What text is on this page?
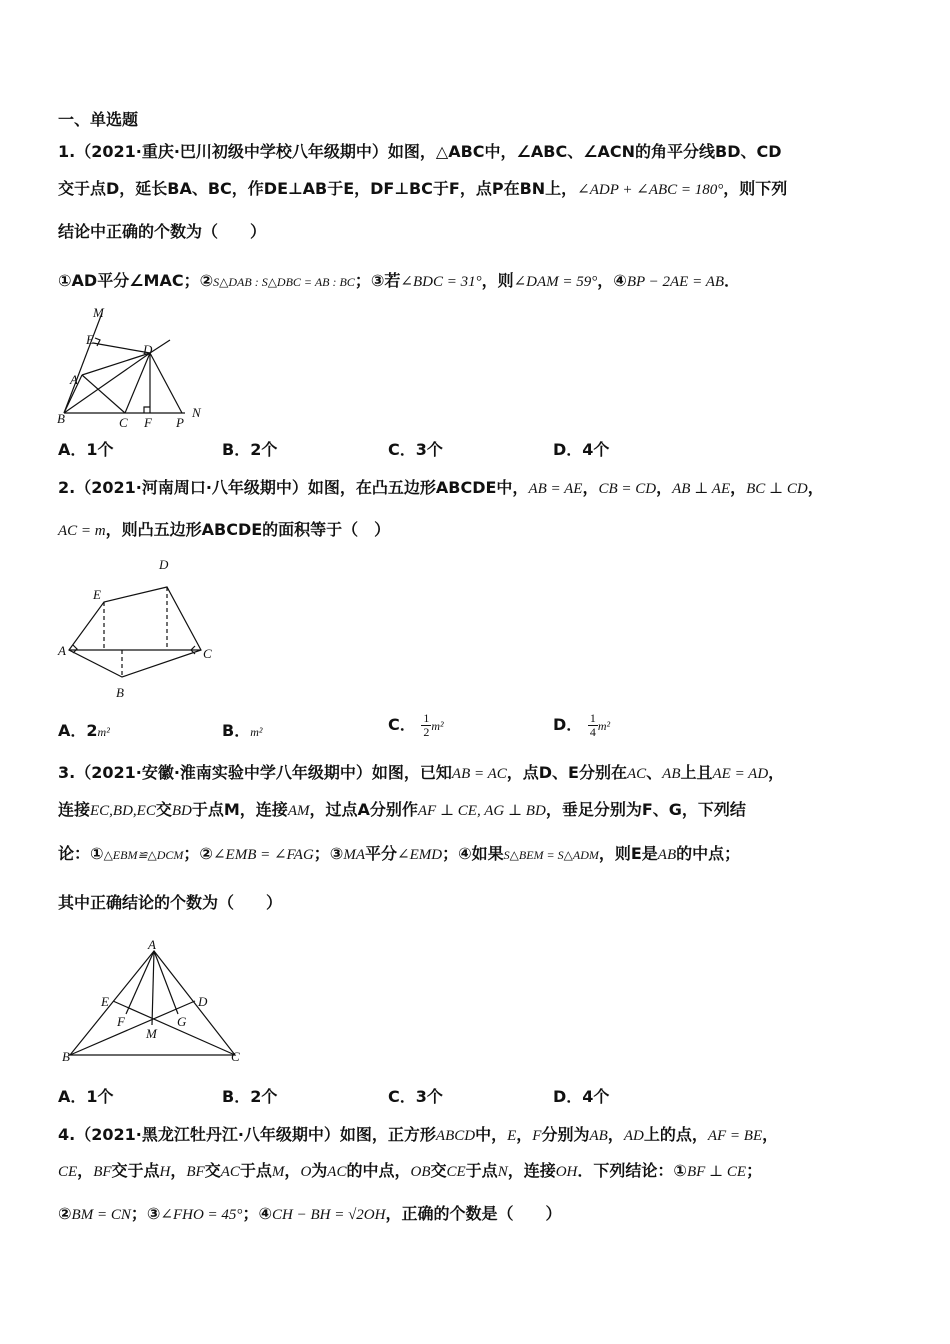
一、单选题
1.（2021·重庆·巴川初级中学校八年级期中）如图，△ABC中，∠ABC、∠ACN的角平分线BD、CD
交于点D，延长BA、BC，作DE⊥AB于E，DF⊥BC于F，点P在BN上，∠ADP + ∠ABC = 180°，则下列
结论中正确的个数为（　　）
①AD平分∠MAC；②S△DAB : S△DBC = AB : BC；③若∠BDC = 31°，则∠DAM = 59°，④BP − 2AE = AB．
M
E
D
A
B	C F P
N
A．1个	B．2个	C．3个	D．4个
2.（2021·河南周口·八年级期中）如图，在凸五边形ABCDE中，AB = AE，CB = CD，AB ⊥ AE，BC ⊥ CD，
AC = m，则凸五边形ABCDE的面积等于（　）
D
E
A	C
B
A．2m²	B．m²	C． $\frac{1}{2} m^2$	D． $\frac{1}{4} m^2$
3.（2021·安徽·淮南实验中学八年级期中）如图，已知AB = AC，点D、E分别在AC、AB上且AE = AD，
连接EC,BD,EC交BD于点M，连接AM，过点A分别作AF ⊥ CE, AG ⊥ BD，垂足分别为F、G，下列结
论：①△EBM≌△DCM；②∠EMB = ∠FAG；③MA平分∠EMD；④如果S△BEM = S△ADM，则E是AB的中点；
其中正确结论的个数为（　　）
A
E	D
F	G
M
B	C
A．1个	B．2个	C．3个	D．4个
4.（2021·黑龙江牡丹江·八年级期中）如图，正方形ABCD中，E，F分别为AB，AD上的点，AF = BE，
CE，BF交于点H，BF交AC于点M，O为AC的中点，OB交CE于点N，连接OH．下列结论：①BF ⊥ CE；
②BM = CN；③∠FHO = 45°；④CH − BH = √2OH，正确的个数是（　　）
